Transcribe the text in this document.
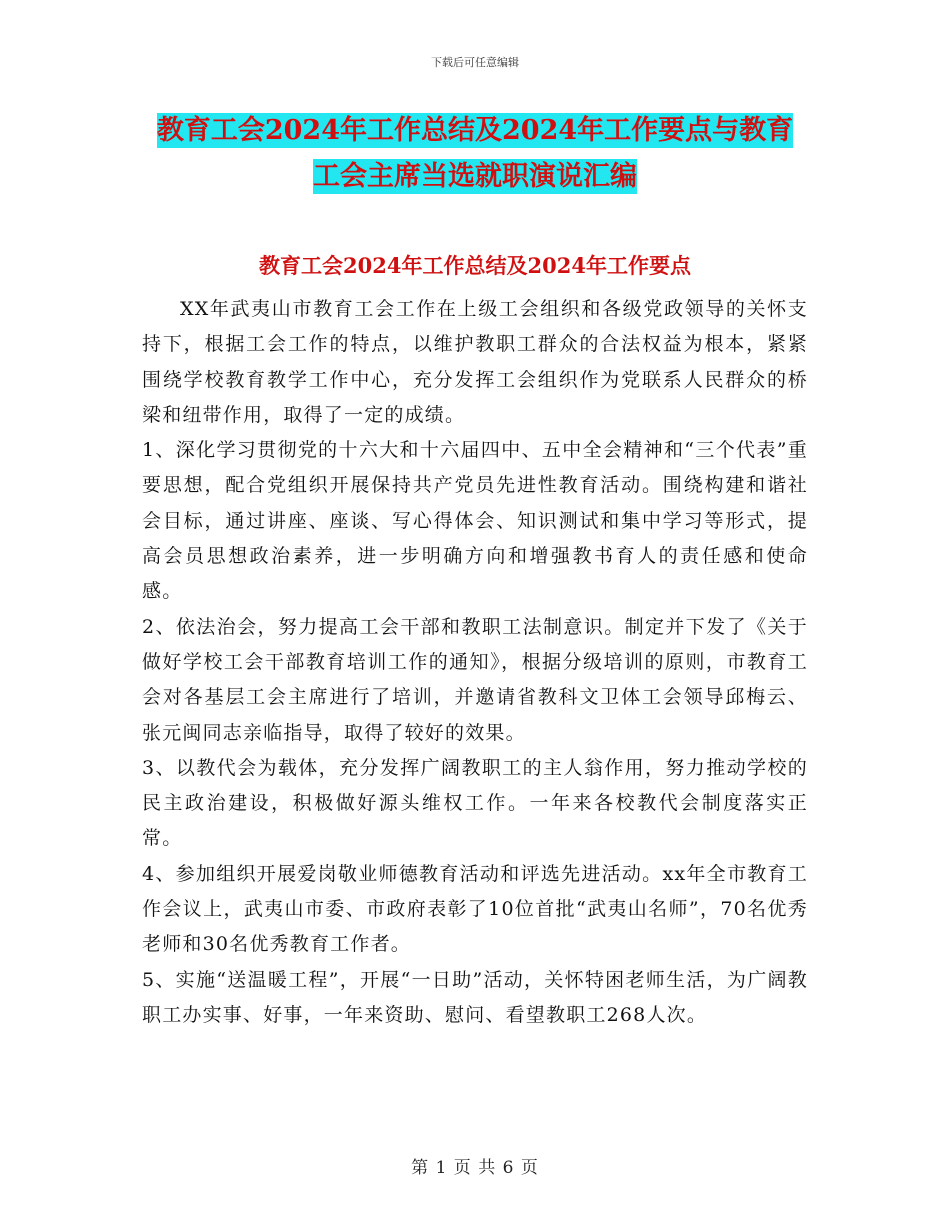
下载后可任意编辑
教育工会2024年工作总结及2024年工作要点与教育
工会主席当选就职演说汇编
教育工会2024年工作总结及2024年工作要点

XX年武夷山市教育工会工作在上级工会组织和各级党政领导的关怀支持下，根据工会工作的特点，以维护教职工群众的合法权益为根本，紧紧围绕学校教育教学工作中心，充分发挥工会组织作为党联系人民群众的桥梁和纽带作用，取得了一定的成绩。

1、深化学习贯彻党的十六大和十六届四中、五中全会精神和“三个代表”重要思想，配合党组织开展保持共产党员先进性教育活动。围绕构建和谐社会目标，通过讲座、座谈、写心得体会、知识测试和集中学习等形式，提高会员思想政治素养，进一步明确方向和增强教书育人的责任感和使命感。

2、依法治会，努力提高工会干部和教职工法制意识。制定并下发了《关于做好学校工会干部教育培训工作的通知》，根据分级培训的原则，市教育工会对各基层工会主席进行了培训，并邀请省教科文卫体工会领导邱梅云、张元闽同志亲临指导，取得了较好的效果。

3、以教代会为载体，充分发挥广阔教职工的主人翁作用，努力推动学校的民主政治建设，积极做好源头维权工作。一年来各校教代会制度落实正常。

4、参加组织开展爱岗敬业师德教育活动和评选先进活动。xx年全市教育工作会议上，武夷山市委、市政府表彰了10位首批“武夷山名师”，70名优秀老师和30名优秀教育工作者。

5、实施“送温暖工程”，开展“一日助”活动，关怀特困老师生活，为广阔教职工办实事、好事，一年来资助、慰问、看望教职工268人次。

第 1 页 共 6 页
